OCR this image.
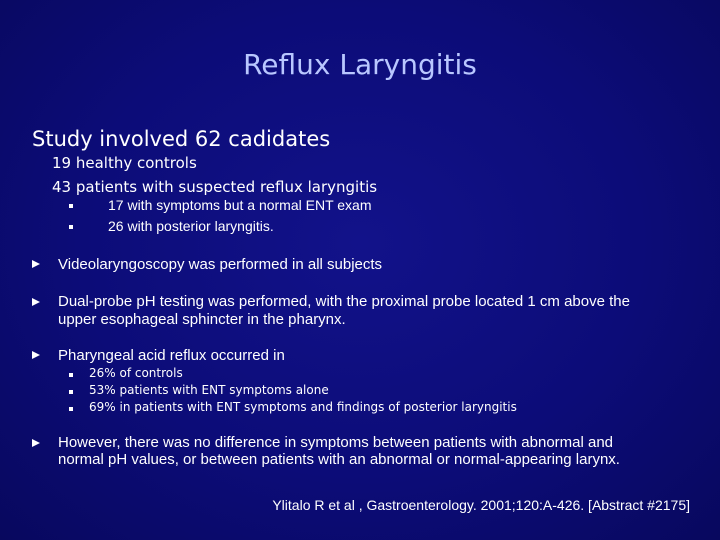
Reflux Laryngitis
Study involved 62 cadidates
19 healthy controls
43 patients with suspected reflux laryngitis
17 with symptoms but a normal ENT exam
26 with posterior laryngitis.
Videolaryngoscopy was performed in all subjects
Dual-probe pH testing was performed, with the proximal probe located 1 cm above the
upper esophageal sphincter in the pharynx.
Pharyngeal acid reflux occurred in
26% of controls
53% patients with ENT symptoms alone
69% in patients with ENT symptoms and findings of posterior laryngitis
However, there was no difference in symptoms between patients with abnormal and
normal pH values, or between patients with an abnormal or normal-appearing larynx.
Ylitalo R et al , Gastroenterology. 2001;120:A-426. [Abstract #2175]
